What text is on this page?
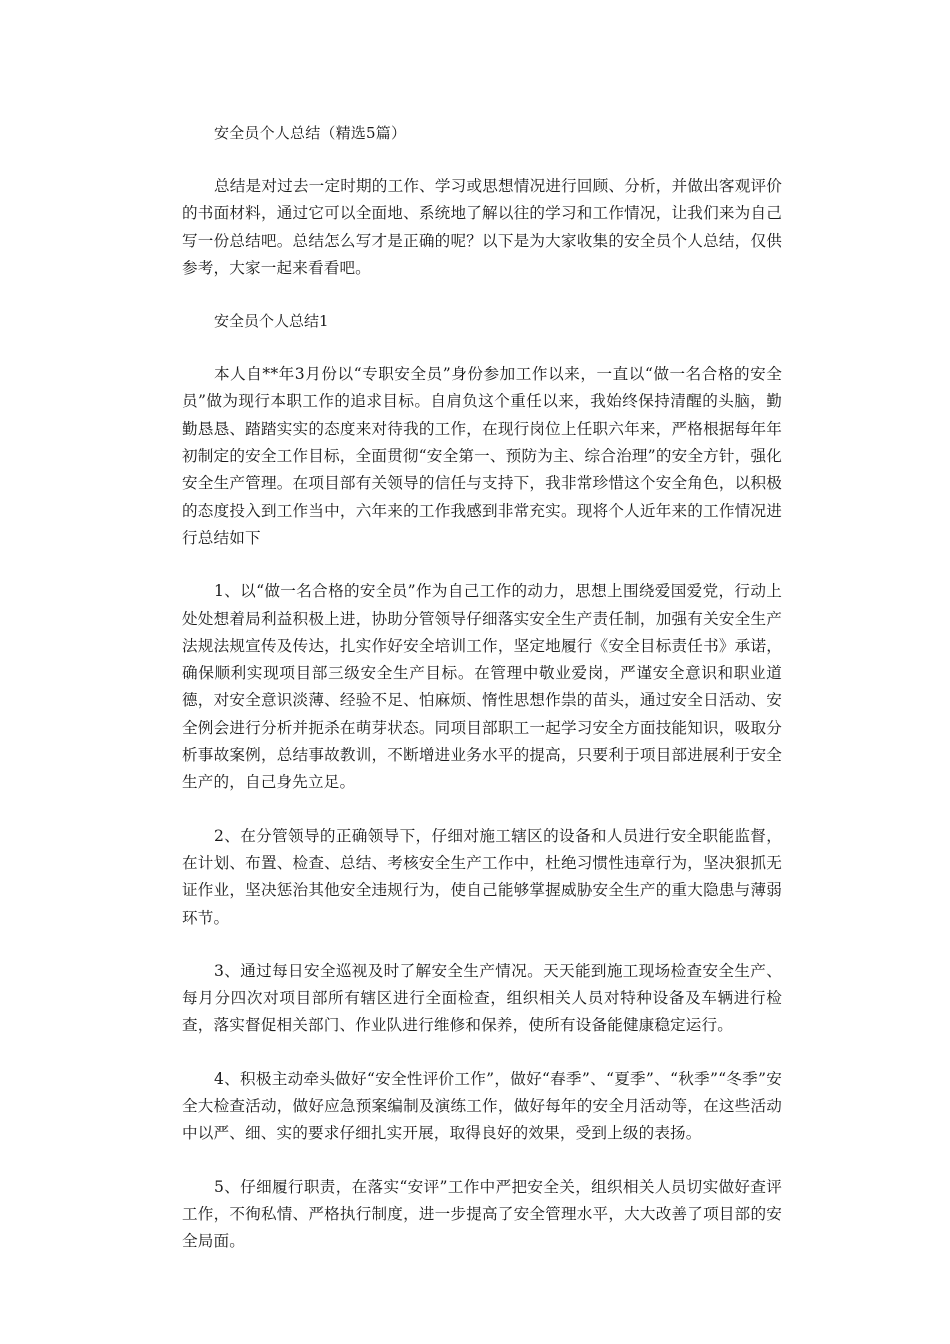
安全员个人总结（精选5篇）

总结是对过去一定时期的工作、学习或思想情况进行回顾、分析，并做出客观评价的书面材料，通过它可以全面地、系统地了解以往的学习和工作情况，让我们来为自己写一份总结吧。总结怎么写才是正确的呢？以下是为大家收集的安全员个人总结，仅供参考，大家一起来看看吧。

安全员个人总结1

本人自**年3月份以“专职安全员”身份参加工作以来，一直以“做一名合格的安全员”做为现行本职工作的追求目标。自肩负这个重任以来，我始终保持清醒的头脑，勤勤恳恳、踏踏实实的态度来对待我的工作，在现行岗位上任职六年来，严格根据每年年初制定的安全工作目标，全面贯彻“安全第一、预防为主、综合治理”的安全方针，强化安全生产管理。在项目部有关领导的信任与支持下，我非常珍惜这个安全角色，以积极的态度投入到工作当中，六年来的工作我感到非常充实。现将个人近年来的工作情况进行总结如下

1、以“做一名合格的安全员”作为自己工作的动力，思想上围绕爱国爱党，行动上处处想着局利益积极上进，协助分管领导仔细落实安全生产责任制，加强有关安全生产法规法规宣传及传达，扎实作好安全培训工作，坚定地履行《安全目标责任书》承诺，确保顺利实现项目部三级安全生产目标。在管理中敬业爱岗，严谨安全意识和职业道德，对安全意识淡薄、经验不足、怕麻烦、惰性思想作祟的苗头，通过安全日活动、安全例会进行分析并扼杀在萌芽状态。同项目部职工一起学习安全方面技能知识，吸取分析事故案例，总结事故教训，不断增进业务水平的提高，只要利于项目部进展利于安全生产的，自己身先立足。

2、在分管领导的正确领导下，仔细对施工辖区的设备和人员进行安全职能监督，在计划、布置、检查、总结、考核安全生产工作中，杜绝习惯性违章行为，坚决狠抓无证作业，坚决惩治其他安全违规行为，使自己能够掌握威胁安全生产的重大隐患与薄弱环节。

3、通过每日安全巡视及时了解安全生产情况。天天能到施工现场检查安全生产、每月分四次对项目部所有辖区进行全面检查，组织相关人员对特种设备及车辆进行检查，落实督促相关部门、作业队进行维修和保养，使所有设备能健康稳定运行。

4、积极主动牵头做好“安全性评价工作”，做好“春季”、“夏季”、“秋季”“冬季”安全大检查活动，做好应急预案编制及演练工作，做好每年的安全月活动等，在这些活动中以严、细、实的要求仔细扎实开展，取得良好的效果，受到上级的表扬。

5、仔细履行职责，在落实“安评”工作中严把安全关，组织相关人员切实做好查评工作，不徇私情、严格执行制度，进一步提高了安全管理水平，大大改善了项目部的安全局面。
